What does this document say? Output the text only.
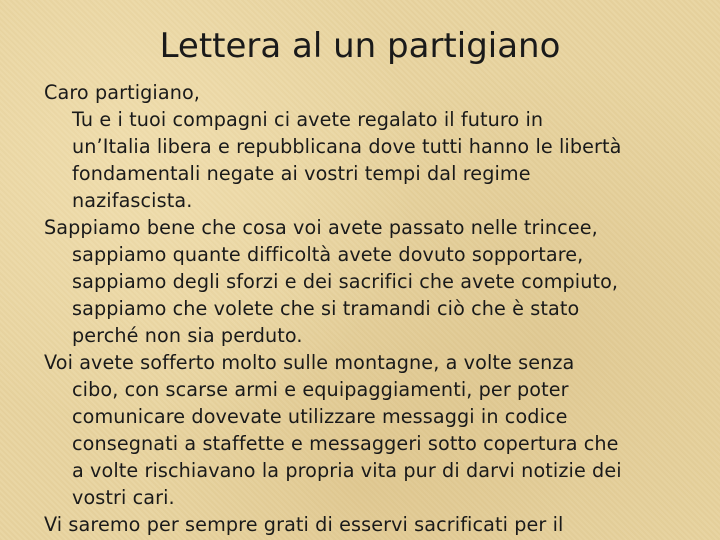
Lettera al un partigiano
Caro partigiano,
Tu e i tuoi compagni ci avete regalato il futuro in
un’Italia libera e repubblicana dove tutti hanno le libertà
fondamentali negate ai vostri tempi dal regime
nazifascista.
Sappiamo bene che cosa voi avete passato nelle trincee,
sappiamo quante difficoltà avete dovuto sopportare,
sappiamo degli sforzi e dei sacrifici che avete compiuto,
sappiamo che volete che si tramandi ciò che è stato
perché non sia perduto.
Voi avete sofferto molto sulle montagne, a volte senza
cibo, con scarse armi e equipaggiamenti, per poter
comunicare dovevate utilizzare messaggi in codice
consegnati a staffette e messaggeri sotto copertura che
a volte rischiavano la propria vita pur di darvi notizie dei
vostri cari.
Vi saremo per sempre grati di esservi sacrificati per il
